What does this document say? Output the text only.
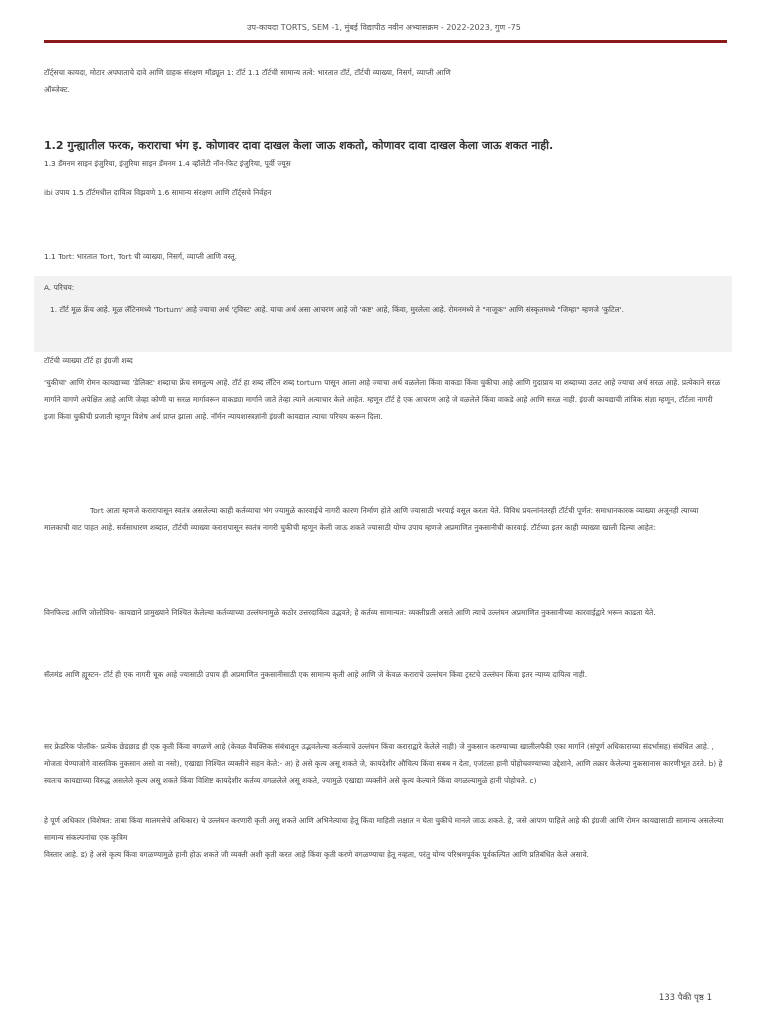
उप-कायदा TORTS, SEM -1, मुंबई विद्यापीठ नवीन अभ्यासक्रम - 2022-2023, गुण -75

टॉर्ट्सचा कायदा, मोटार अपघाताचे दावे आणि ग्राहक संरक्षण मॉड्यूल 1: टॉर्ट 1.1 टॉर्टची सामान्य तत्वे: भारतात टॉर्ट, टॉर्टची व्याख्या, निसर्ग, व्याप्ती आणि

ऑब्जेक्ट.

1.2 गुन्ह्यातील फरक, कराराचा भंग इ. कोणावर दावा दाखल केला जाऊ शकतो, कोणावर दावा दाखल केला जाऊ शकत नाही.

1.3 डॅमनम साइन इंजुरिया, इंजुरिया साइन डॅमनम 1.4 व्हॉलेंटी नॉन-फिट इंजुरिया, पूर्वी ज्यूस

ibi उपाय 1.5 टॉर्टमधील दायित्व विझवणे 1.6 सामान्य संरक्षण आणि टॉर्ट्सचे निर्वहन

1.1 Tort: भारतात Tort, Tort ची व्याख्या, निसर्ग, व्याप्ती आणि वस्तू.

A. परिचय:

1. टॉर्ट मूळ फ्रेंच आहे. मूळ लॅटिनमध्ये 'Tortum' आहे ज्याचा अर्थ 'ट्विस्ट' आहे. याचा अर्थ असा आचरण आहे जो 'कष्ट' आहे, किंवा, मुरलेला आहे. रोमनमध्ये ते "नाजूक" आणि संस्कृतमध्ये "जिम्हा" म्हणजे 'कुटिल'.

टॉर्टची व्याख्या टॉर्ट हा इंग्रजी शब्द

'चुकीचा' आणि रोमन कायद्याच्या 'डेलिक्ट' शब्दाचा फ्रेंच समतुल्य आहे. टॉर्ट हा शब्द लॅटिन शब्द tortum पासून आला आहे ज्याचा अर्थ वळलेला किंवा वाकडा किंवा चुकीचा आहे आणि गुदाप्राय या शब्दाच्या उलट आहे ज्याचा अर्थ सरळ आहे. प्रत्येकाने सरळ मार्गाने वागणे अपेक्षित आहे आणि जेव्हा कोणी या सरळ मार्गावरून वाकड्या मार्गाने जाते तेव्हा त्याने अत्याचार केले आहेत. म्हणून टॉर्ट हे एक आचरण आहे जे वळलेले किंवा वाकडे आहे आणि सरळ नाही. इंग्रजी कायद्याची तांत्रिक संज्ञा म्हणून, टॉर्टला नागरी इजा किंवा चुकीची प्रजाती म्हणून विशेष अर्थ प्राप्त झाला आहे. नॉर्मन न्यायशास्त्रज्ञांनी इंग्रजी कायद्यात त्याचा परिचय करून दिला.

Tort आता म्हणजे करारापासून स्वतंत्र असलेल्या काही कर्तव्याचा भंग ज्यामुळे कारवाईचे नागरी कारण निर्माण होते आणि ज्यासाठी भरपाई वसूल करता येते. विविध प्रयत्नांनंतरही टॉर्टची पूर्णत: समाधानकारक व्याख्या अजूनही त्याच्या मालकाची वाट पाहत आहे. सर्वसाधारण शब्दात, टॉर्टची व्याख्या करारापासून स्वतंत्र नागरी चुकीची म्हणून केली जाऊ शकते ज्यासाठी योग्य उपाय म्हणजे अप्रमाणित नुकसानीची कारवाई. टॉर्टच्या इतर काही व्याख्या खाली दिल्या आहेत:

विनफिल्ड आणि जोलोविच- कायद्याने प्रामुख्याने निश्चित केलेल्या कर्तव्याच्या उल्लंघनामुळे कठोर उत्तरदायित्व उद्भवते; हे कर्तव्य सामान्यत: व्यक्तीप्रती असते आणि त्याचे उल्लंघन अप्रमाणित नुकसानीच्या कारवाईद्वारे भरून काढता येते.

सॅलमंड आणि ह्यूस्टन- टॉर्ट ही एक नागरी चूक आहे ज्यासाठी उपाय ही अप्रमाणित नुकसानीसाठी एक सामान्य कृती आहे आणि जे केवळ कराराचे उल्लंघन किंवा ट्रस्टचे उल्लंघन किंवा इतर न्याय्य दायित्व नाही.

सर फ्रेडरिक पोलॉक- प्रत्येक छेडछाड ही एक कृती किंवा वगळणे आहे (केवळ वैयक्तिक संबंधातून उद्भवलेल्या कर्तव्याचे उल्लंघन किंवा कराराद्वारे केलेले नाही) जे नुकसान करण्याच्या खालीलपैकी एका मार्गाने (संपूर्ण अधिकाराच्या संदर्भासह) संबंधित आहे. , मोजता येण्याजोगे वास्तविक नुकसान असो वा नसो), एखाद्या निश्चित व्यक्तीने सहन केले:- अ) हे असे कृत्य असू शकते जे, कायदेशीर औचित्य किंवा सबब न देता, एजंटला हानी पोहोचवण्याच्या उद्देशाने, आणि तक्रार केलेल्या नुकसानास कारणीभूत ठरते. b) हे स्वतःच कायद्याच्या विरुद्ध असलेले कृत्य असू शकते किंवा विशिष्ट कायदेशीर कर्तव्य वगळलेले असू शकते, ज्यामुळे एखाद्या व्यक्तीने असे कृत्य केल्याने किंवा वगळल्यामुळे हानी पोहोचते. c)

हे पूर्ण अधिकार (विशेषत: ताबा किंवा मालमत्तेचे अधिकार) चे उल्लंघन करणारी कृती असू शकते आणि अभिनेत्याचा हेतू किंवा माहिती लक्षात न घेता चुकीचे मानले जाऊ शकते. हे, जसे आपण पाहिले आहे की इंग्रजी आणि रोमन कायद्यासाठी सामान्य असलेल्या सामान्य संकल्पनांचा एक कृत्रिम

विस्तार आहे. ड) हे असे कृत्य किंवा वगळण्यामुळे हानी होऊ शकते जी व्यक्ती अशी कृती करत आहे किंवा कृती करणे वगळण्याचा हेतू नव्हता, परंतु योग्य परिश्रमपूर्वक पूर्वकल्पित आणि प्रतिबंधित केले असावे.

133 पैकी पृष्ठ 1
